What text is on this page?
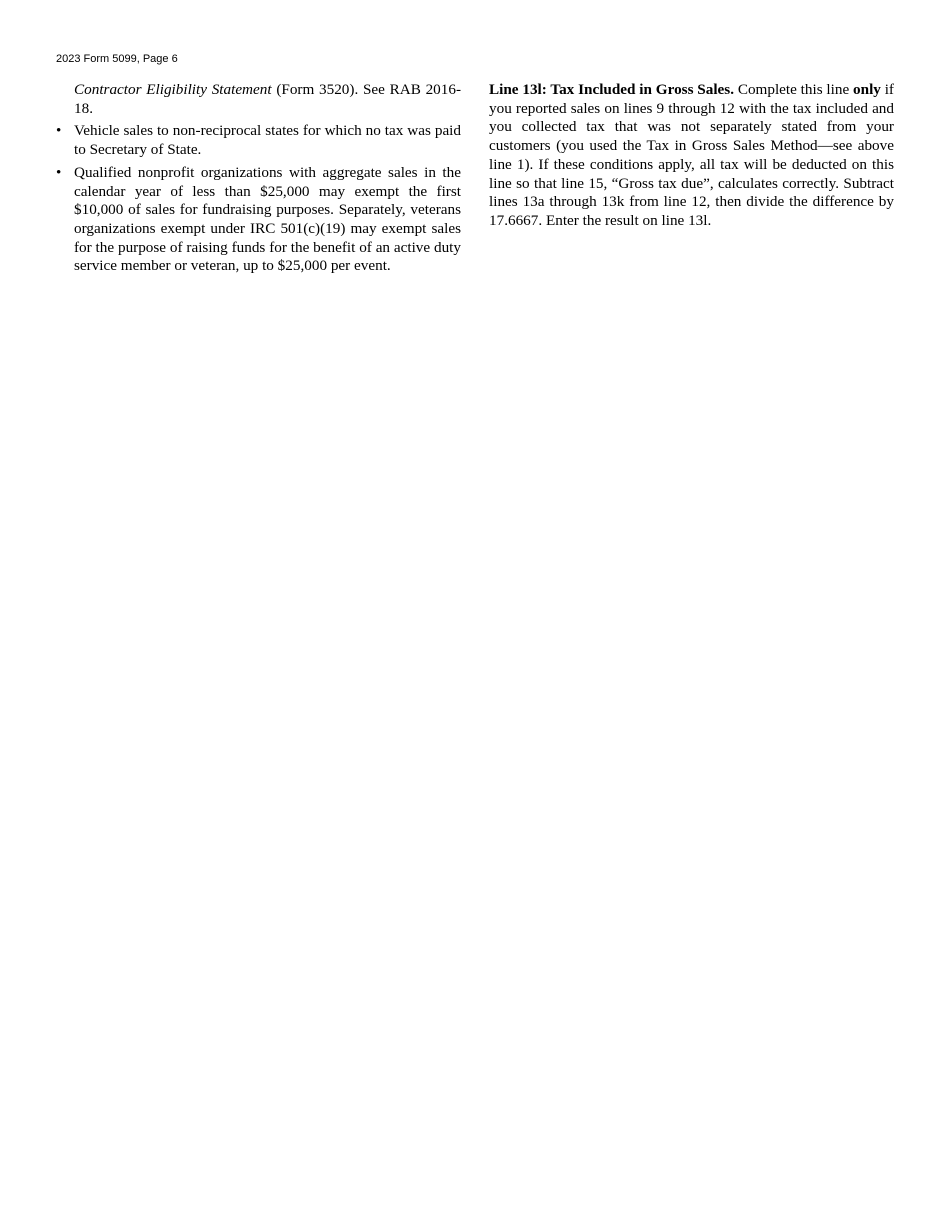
2023 Form 5099, Page 6

Contractor Eligibility Statement (Form 3520). See RAB 2016-18.

• Vehicle sales to non-reciprocal states for which no tax was paid to Secretary of State.
• Qualified nonprofit organizations with aggregate sales in the calendar year of less than $25,000 may exempt the first $10,000 of sales for fundraising purposes. Separately, veterans organizations exempt under IRC 501(c)(19) may exempt sales for the purpose of raising funds for the benefit of an active duty service member or veteran, up to $25,000 per event.

Line 13l: Tax Included in Gross Sales. Complete this line only if you reported sales on lines 9 through 12 with the tax included and you collected tax that was not separately stated from your customers (you used the Tax in Gross Sales Method—see above line 1). If these conditions apply, all tax will be deducted on this line so that line 15, “Gross tax due”, calculates correctly. Subtract lines 13a through 13k from line 12, then divide the difference by 17.6667. Enter the result on line 13l.
